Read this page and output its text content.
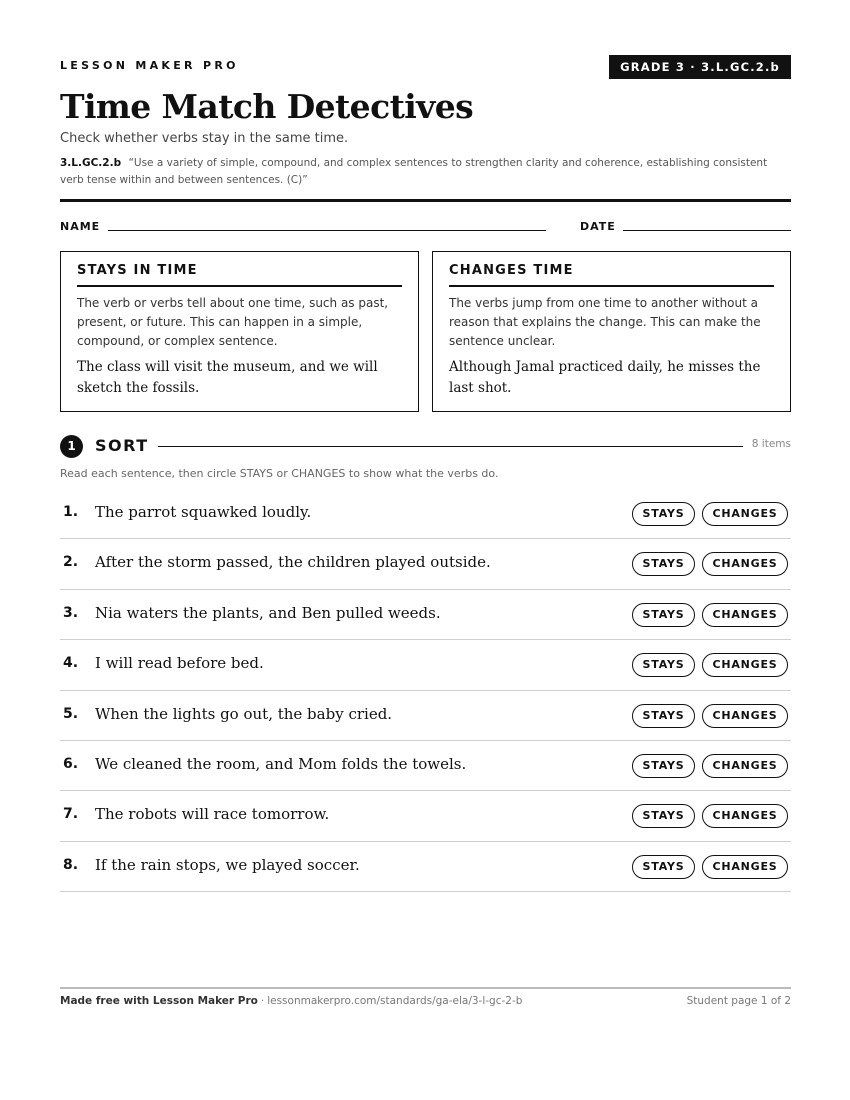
LESSON MAKER PRO	GRADE 3 · 3.L.GC.2.b
Time Match Detectives
Check whether verbs stay in the same time.
3.L.GC.2.b “Use a variety of simple, compound, and complex sentences to strengthen clarity and coherence, establishing consistent verb tense within and between sentences. (C)”
NAME	DATE
STAYS IN TIME
The verb or verbs tell about one time, such as past, present, or future. This can happen in a simple, compound, or complex sentence.
The class will visit the museum, and we will sketch the fossils.
CHANGES TIME
The verbs jump from one time to another without a reason that explains the change. This can make the sentence unclear.
Although Jamal practiced daily, he misses the last shot.
1	SORT	8 items
Read each sentence, then circle STAYS or CHANGES to show what the verbs do.
1. The parrot squawked loudly.	STAYS	CHANGES
2. After the storm passed, the children played outside.	STAYS	CHANGES
3. Nia waters the plants, and Ben pulled weeds.	STAYS	CHANGES
4. I will read before bed.	STAYS	CHANGES
5. When the lights go out, the baby cried.	STAYS	CHANGES
6. We cleaned the room, and Mom folds the towels.	STAYS	CHANGES
7. The robots will race tomorrow.	STAYS	CHANGES
8. If the rain stops, we played soccer.	STAYS	CHANGES
Made free with Lesson Maker Pro · lessonmakerpro.com/standards/ga-ela/3-l-gc-2-b	Student page 1 of 2
